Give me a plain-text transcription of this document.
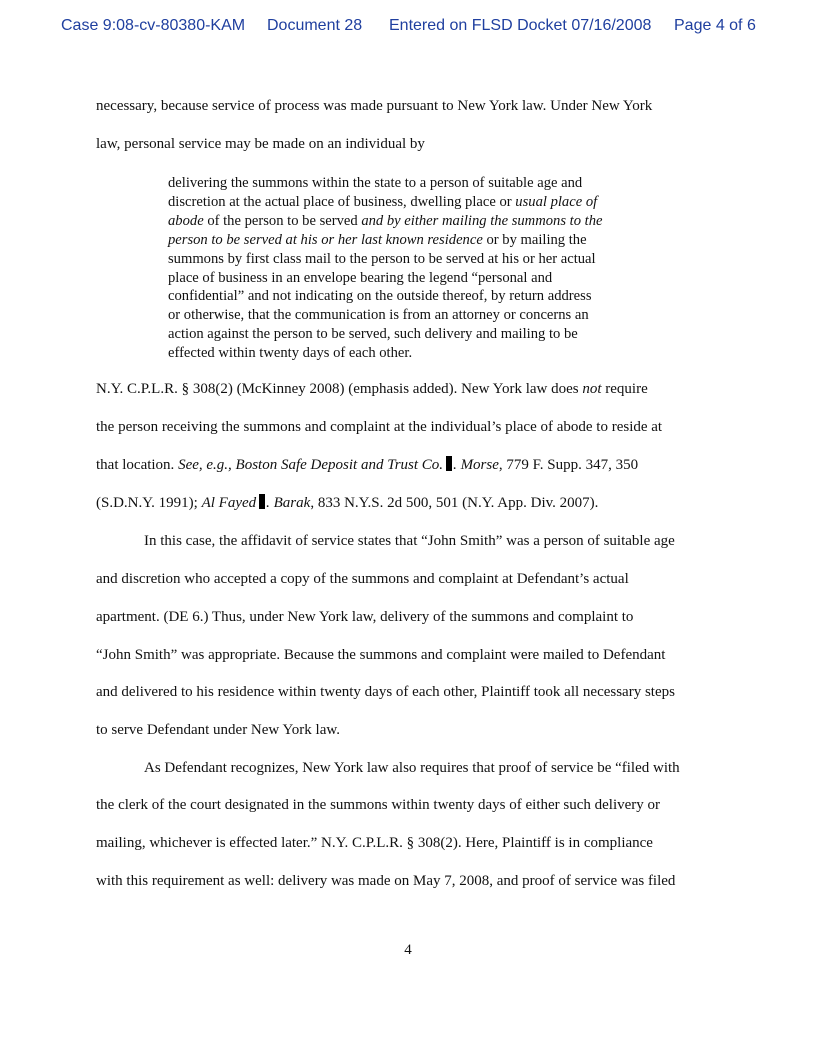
Case 9:08-cv-80380-KAM Document 28 Entered on FLSD Docket 07/16/2008 Page 4 of 6
necessary, because service of process was made pursuant to New York law. Under New York
law, personal service may be made on an individual by
delivering the summons within the state to a person of suitable age and
discretion at the actual place of business, dwelling place or usual place of
abode of the person to be served and by either mailing the summons to the
person to be served at his or her last known residence or by mailing the
summons by first class mail to the person to be served at his or her actual
place of business in an envelope bearing the legend “personal and
confidential” and not indicating on the outside thereof, by return address
or otherwise, that the communication is from an attorney or concerns an
action against the person to be served, such delivery and mailing to be
effected within twenty days of each other.
N.Y. C.P.L.R. § 308(2) (McKinney 2008) (emphasis added). New York law does not require
the person receiving the summons and complaint at the individual’s place of abode to reside at
that location. See, e.g., Boston Safe Deposit and Trust Co. . Morse, 779 F. Supp. 347, 350
(S.D.N.Y. 1991); Al Fayed . Barak, 833 N.Y.S. 2d 500, 501 (N.Y. App. Div. 2007).
In this case, the affidavit of service states that “John Smith” was a person of suitable age
and discretion who accepted a copy of the summons and complaint at Defendant’s actual
apartment. (DE 6.) Thus, under New York law, delivery of the summons and complaint to
“John Smith” was appropriate. Because the summons and complaint were mailed to Defendant
and delivered to his residence within twenty days of each other, Plaintiff took all necessary steps
to serve Defendant under New York law.
As Defendant recognizes, New York law also requires that proof of service be “filed with
the clerk of the court designated in the summons within twenty days of either such delivery or
mailing, whichever is effected later.” N.Y. C.P.L.R. § 308(2). Here, Plaintiff is in compliance
with this requirement as well: delivery was made on May 7, 2008, and proof of service was filed
4
